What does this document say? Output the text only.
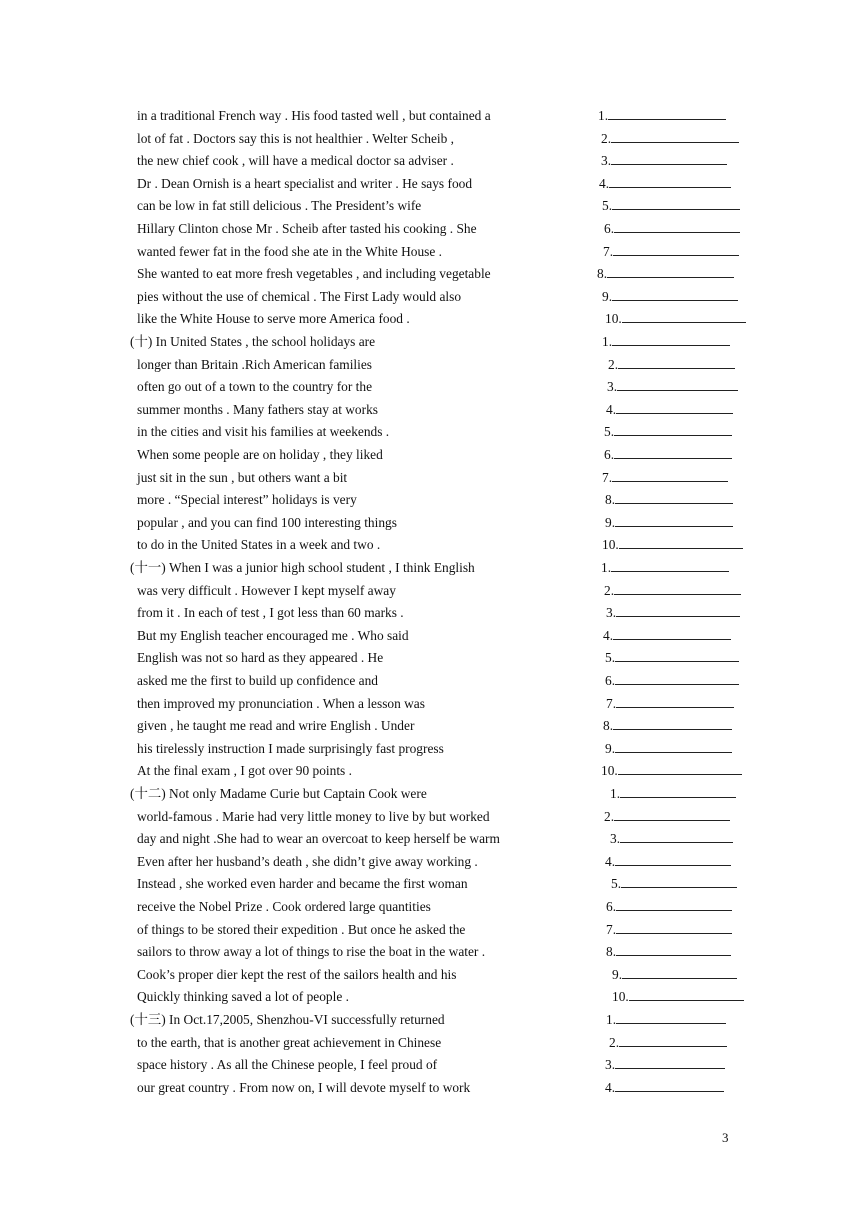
in a traditional French way . His food tasted well , but contained a	1.
lot of fat . Doctors say this is not healthier . Welter Scheib ,	2.
the new chief cook , will have a medical doctor sa adviser .	3.
Dr . Dean Ornish is a heart specialist and writer . He says food	4.
can be low in fat still delicious . The President’s wife	5.
Hillary Clinton chose Mr . Scheib after tasted his cooking . She	6.
wanted fewer fat in the food she ate in the White House .	7.
She wanted to eat more fresh vegetables , and including vegetable	8.
pies without the use of chemical . The First Lady would also	9.
like the White House to serve more America food .	10.
(十) In United States , the school holidays are	1.
longer than Britain .Rich American families	2.
often go out of a town to the country for the	3.
summer months . Many fathers stay at works	4.
in the cities and visit his families at weekends .	5.
When some people are on holiday , they liked	6.
just sit in the sun , but others want a bit	7.
more . “Special interest” holidays is very	8.
popular , and you can find 100 interesting things	9.
to do in the United States in a week and two .	10.
(十一) When I was a junior high school student , I think English	1.
was very difficult . However I kept myself away	2.
from it . In each of test , I got less than 60 marks .	3.
But my English teacher encouraged me . Who said	4.
English was not so hard as they appeared . He	5.
asked me the first to build up confidence and	6.
then improved my pronunciation . When a lesson was	7.
given , he taught me read and wrire English . Under	8.
his tirelessly instruction I made surprisingly fast progress	9.
At the final exam , I got over 90 points .	10.
(十二) Not only Madame Curie but Captain Cook were	1.
world-famous . Marie had very little money to live by but worked	2.
day and night .She had to wear an overcoat to keep herself be warm	3.
Even after her husband’s death , she didn’t give away working .	4.
Instead , she worked even harder and became the first woman	5.
receive the Nobel Prize . Cook ordered large quantities	6.
of things to be stored their expedition . But once he asked the	7.
sailors to throw away a lot of things to rise the boat in the water .	8.
Cook’s proper dier kept the rest of the sailors health and his	9.
Quickly thinking saved a lot of people .	10.
(十三) In Oct.17,2005, Shenzhou-VI successfully returned	1.
to the earth, that is another great achievement in Chinese	2.
space history . As all the Chinese people, I feel proud of	3.
our great country . From now on, I will devote myself to work	4.
3
